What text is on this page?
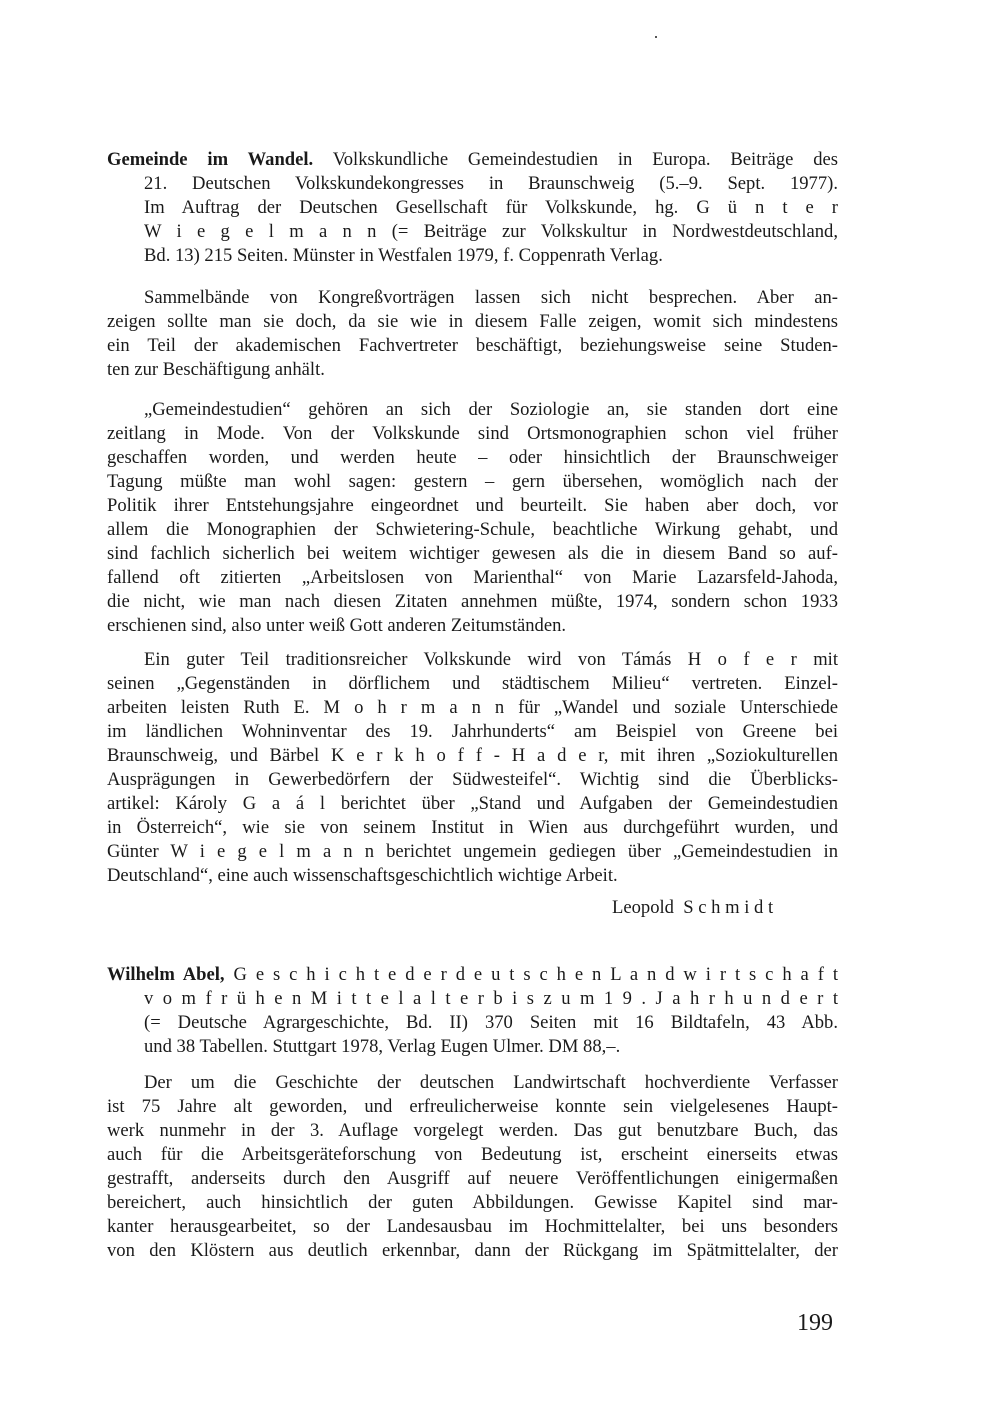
Gemeinde im Wandel. Volkskundliche Gemeindestudien in Europa. Beiträge des
21. Deutschen Volkskundekongresses in Braunschweig (5.–9. Sept. 1977).
Im Auftrag der Deutschen Gesellschaft für Volkskunde, hg. G ü n t e r
W i e g e l m a n n (= Beiträge zur Volkskultur in Nordwestdeutschland,
Bd. 13) 215 Seiten. Münster in Westfalen 1979, f. Coppenrath Verlag.
Sammelbände von Kongreßvorträgen lassen sich nicht besprechen. Aber an-
zeigen sollte man sie doch, da sie wie in diesem Falle zeigen, womit sich mindestens
ein Teil der akademischen Fachvertreter beschäftigt, beziehungsweise seine Studen-
ten zur Beschäftigung anhält.
„Gemeindestudien“ gehören an sich der Soziologie an, sie standen dort eine
zeitlang in Mode. Von der Volkskunde sind Ortsmonographien schon viel früher
geschaffen worden, und werden heute – oder hinsichtlich der Braunschweiger
Tagung müßte man wohl sagen: gestern – gern übersehen, womöglich nach der
Politik ihrer Entstehungsjahre eingeordnet und beurteilt. Sie haben aber doch, vor
allem die Monographien der Schwietering-Schule, beachtliche Wirkung gehabt, und
sind fachlich sicherlich bei weitem wichtiger gewesen als die in diesem Band so auf-
fallend oft zitierten „Arbeitslosen von Marienthal“ von Marie Lazarsfeld-Jahoda,
die nicht, wie man nach diesen Zitaten annehmen müßte, 1974, sondern schon 1933
erschienen sind, also unter weiß Gott anderen Zeitumständen.
Ein guter Teil traditionsreicher Volkskunde wird von Támás H o f e r mit
seinen „Gegenständen in dörflichem und städtischem Milieu“ vertreten. Einzel-
arbeiten leisten Ruth E. M o h r m a n n für „Wandel und soziale Unterschiede
im ländlichen Wohninventar des 19. Jahrhunderts“ am Beispiel von Greene bei
Braunschweig, und Bärbel K e r k h o f f - H a d e r, mit ihren „Soziokulturellen
Ausprägungen in Gewerbedörfern der Südwesteifel“. Wichtig sind die Überblicks-
artikel: Károly G a á l berichtet über „Stand und Aufgaben der Gemeindestudien
in Österreich“, wie sie von seinem Institut in Wien aus durchgeführt wurden, und
Günter W i e g e l m a n n berichtet ungemein gediegen über „Gemeindestudien in
Deutschland“, eine auch wissenschaftsgeschichtlich wichtige Arbeit.
Leopold  S c h m i d t
Wilhelm Abel, G e s c h i c h t e d e r d e u t s c h e n L a n d w i r t s c h a f t
v o m f r ü h e n M i t t e l a l t e r b i s z u m 1 9 . J a h r h u n d e r t
(= Deutsche Agrargeschichte, Bd. II) 370 Seiten mit 16 Bildtafeln, 43 Abb.
und 38 Tabellen. Stuttgart 1978, Verlag Eugen Ulmer. DM 88,–.
Der um die Geschichte der deutschen Landwirtschaft hochverdiente Verfasser
ist 75 Jahre alt geworden, und erfreulicherweise konnte sein vielgelesenes Haupt-
werk nunmehr in der 3. Auflage vorgelegt werden. Das gut benutzbare Buch, das
auch für die Arbeitsgeräteforschung von Bedeutung ist, erscheint einerseits etwas
gestrafft, anderseits durch den Ausgriff auf neuere Veröffentlichungen einigermaßen
bereichert, auch hinsichtlich der guten Abbildungen. Gewisse Kapitel sind mar-
kanter herausgearbeitet, so der Landesausbau im Hochmittelalter, bei uns besonders
von den Klöstern aus deutlich erkennbar, dann der Rückgang im Spätmittelalter, der
199
